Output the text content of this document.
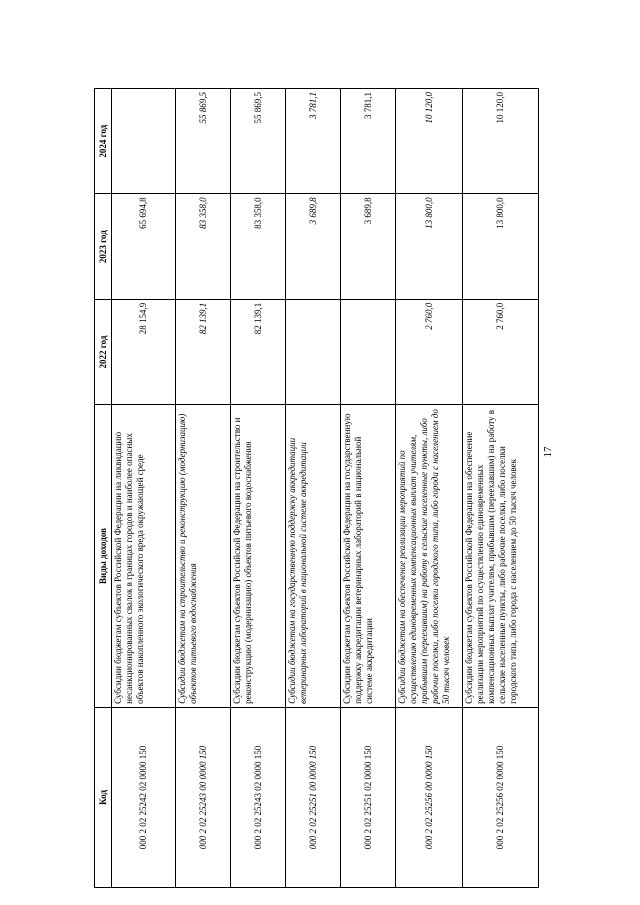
17
Код	Виды доходов	2022 год	2023 год	2024 год
000 2 02 25242 02 0000 150	Субсидии бюджетам субъектов Российской Федерации на ликвидацию несанкционированных свалок в границах городов и наиболее опасных объектов накопленного экологического вреда окружающей среде	28 154,9	65 694,8	
000 2 02 25243 00 0000 150	Субсидии бюджетам на строительство и реконструкцию (модернизацию) объектов питьевого водоснабжения	82 139,1	83 358,0	55 869,5
000 2 02 25243 02 0000 150	Субсидии бюджетам субъектов Российской Федерации на строительство и реконструкцию (модернизацию) объектов питьевого водоснабжения	82 139,1	83 358,0	55 869,5
000 2 02 25251 00 0000 150	Субсидии бюджетам на государственную поддержку аккредитации ветеринарных лабораторий в национальной системе аккредитации		3 689,8	3 781,1
000 2 02 25251 02 0000 150	Субсидии бюджетам субъектов Российской Федерации на государственную поддержку аккредитации ветеринарных лабораторий в национальной системе аккредитации		3 689,8	3 781,1
000 2 02 25256 00 0000 150	Субсидии бюджетам на обеспечение реализации мероприятий по осуществлению единовременных компенсационных выплат учителям, прибывшим (переехавшим) на работу в сельские населенные пункты, либо рабочие поселки, либо поселки городского типа, либо города с населением до 50 тысяч человек	2 760,0	13 800,0	10 120,0
000 2 02 25256 02 0000 150	Субсидии бюджетам субъектов Российской Федерации на обеспечение реализации мероприятий по осуществлению единовременных компенсационных выплат учителям, прибывшим (переехавшим) на работу в сельские населенные пункты, либо рабочие поселки, либо поселки городского типа, либо города с населением до 50 тысяч человек	2 760,0	13 800,0	10 120,0
